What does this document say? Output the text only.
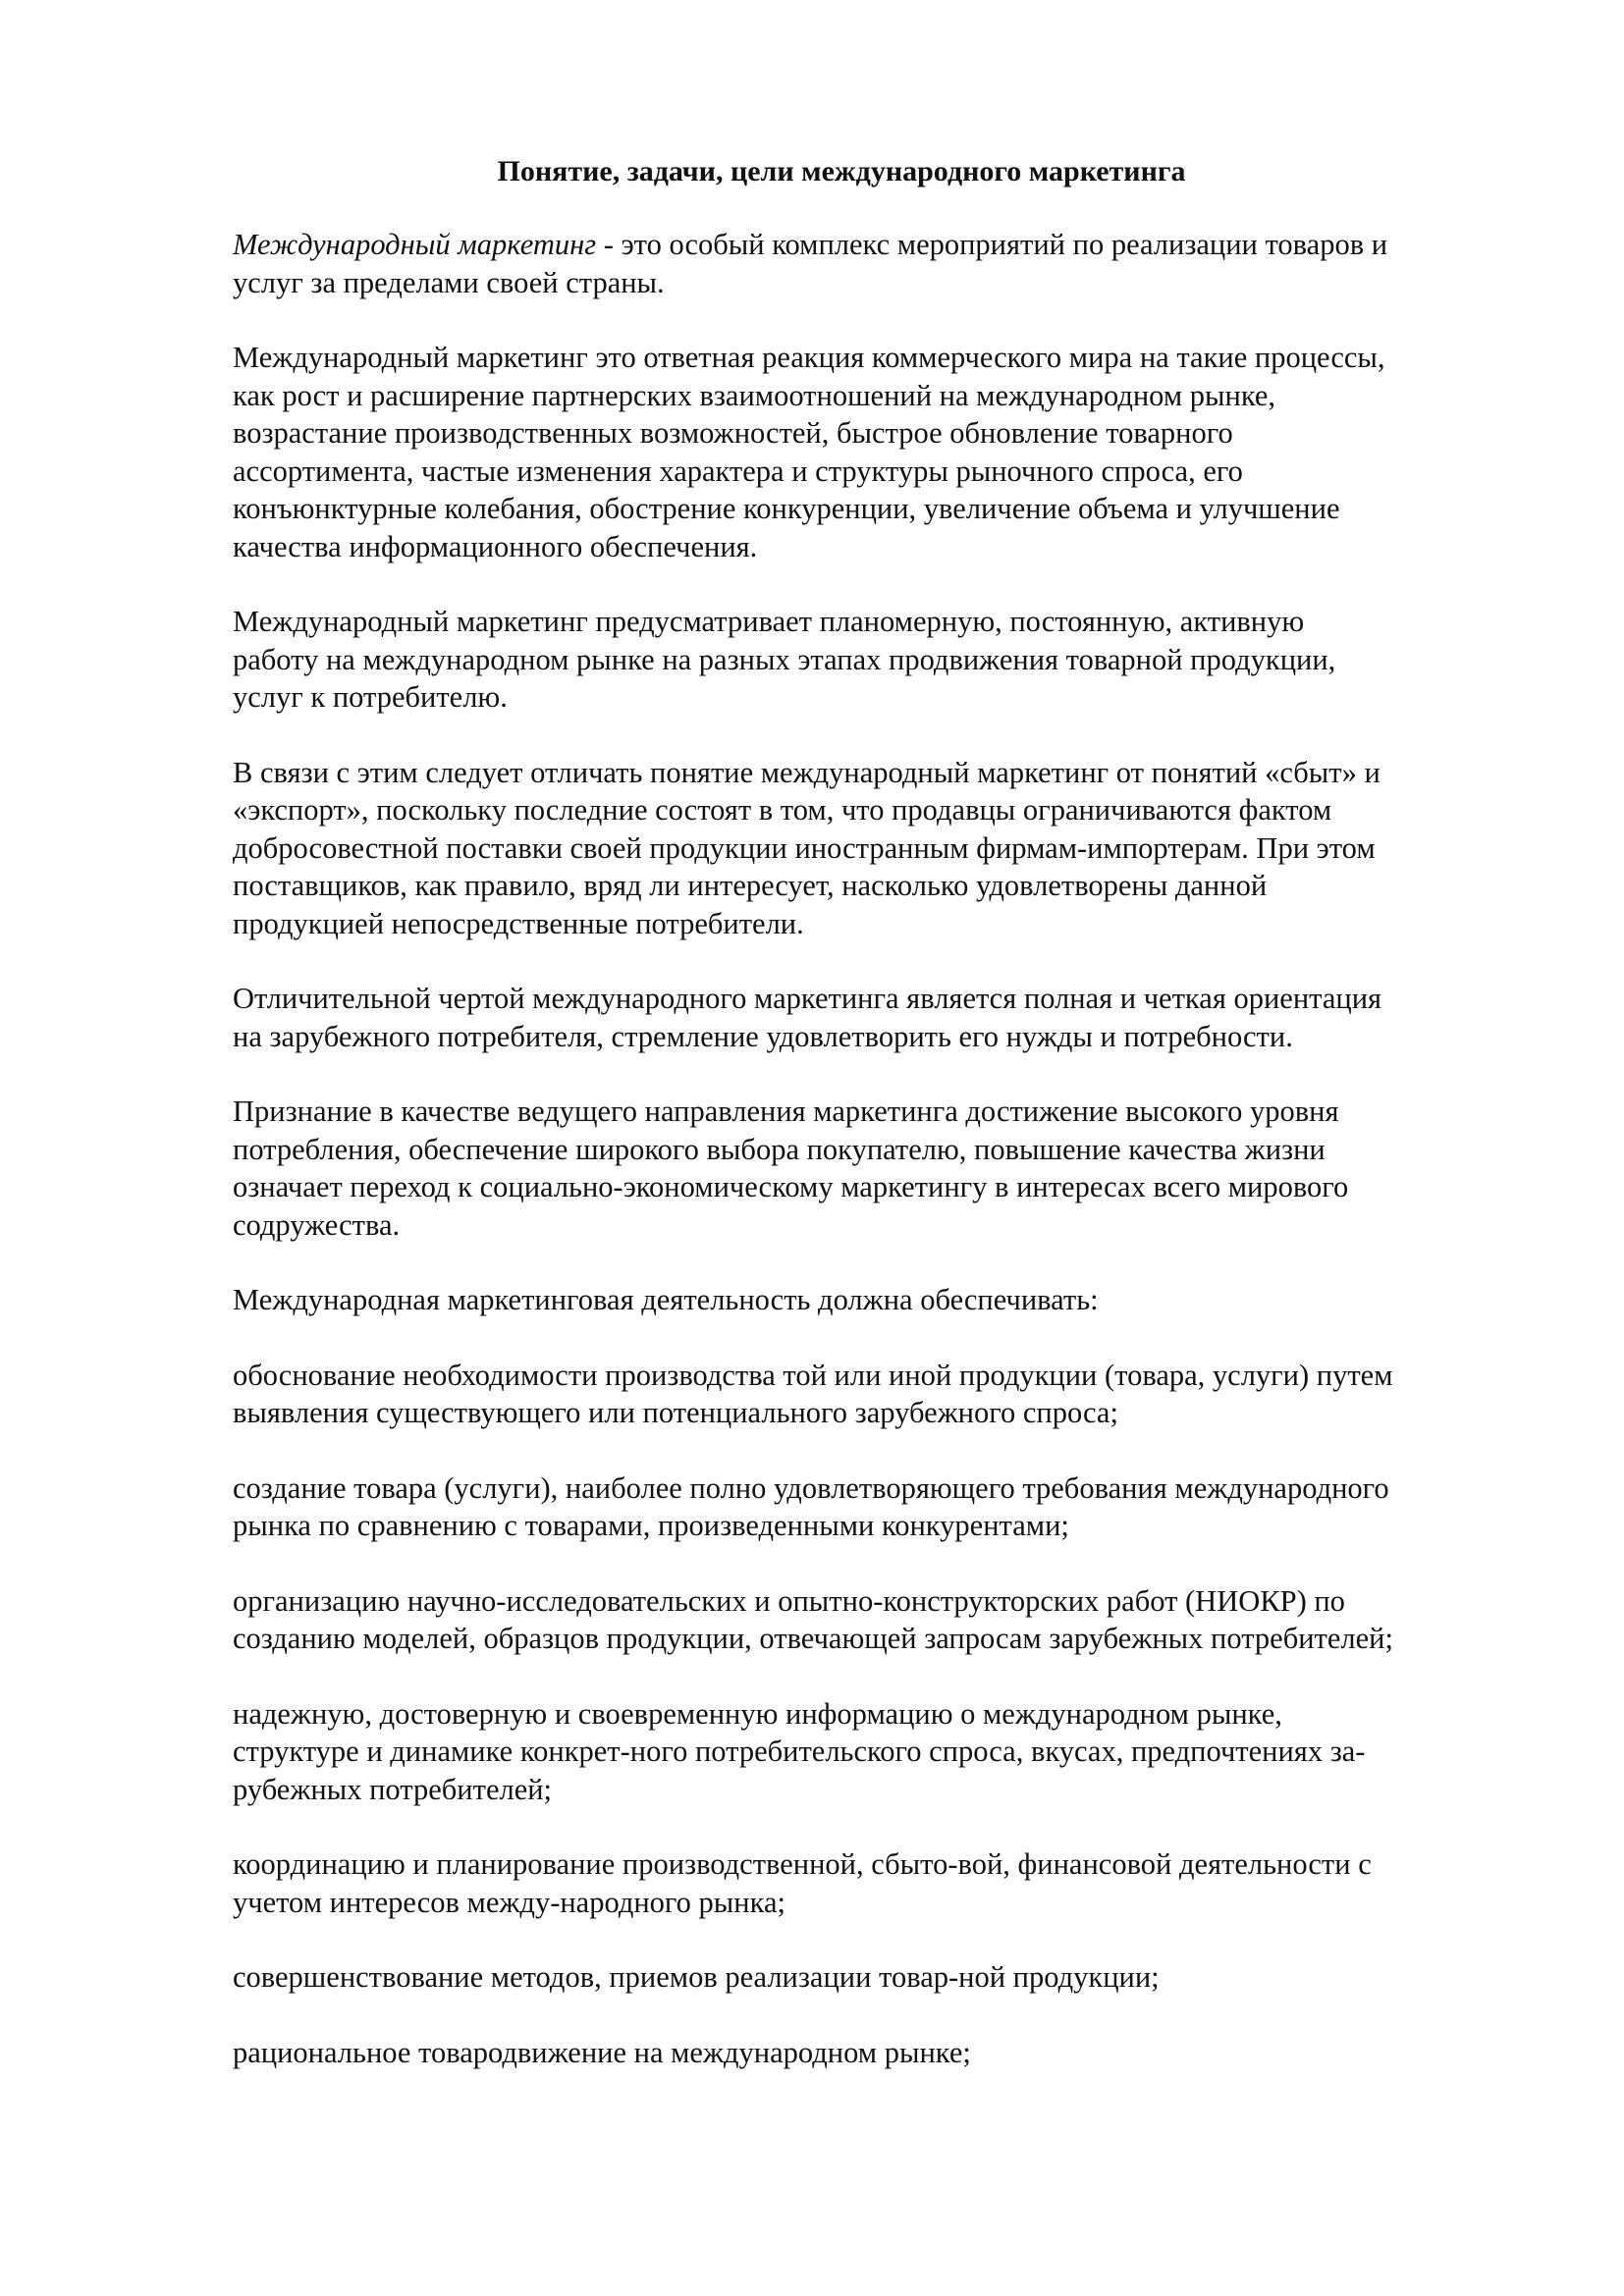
Понятие, задачи, цели международного маркетинга

Международный маркетинг - это особый комплекс мероприятий по реализации товаров и
услуг за пределами своей страны.

Международный маркетинг это ответная реакция коммерческого мира на такие процессы,
как рост и расширение партнерских взаимоотношений на международном рынке,
возрастание производственных возможностей, быстрое обновление товарного
ассортимента, частые изменения характера и структуры рыночного спроса, его
конъюнктурные колебания, обострение конкуренции, увеличение объема и улучшение
качества информационного обеспечения.

Международный маркетинг предусматривает планомерную, постоянную, активную
работу на международном рынке на разных этапах продвижения товарной продукции,
услуг к потребителю.

В связи с этим следует отличать понятие международный маркетинг от понятий «сбыт» и
«экспорт», поскольку последние состоят в том, что продавцы ограничиваются фактом
добросовестной поставки своей продукции иностранным фирмам-импортерам. При этом
поставщиков, как правило, вряд ли интересует, насколько удовлетворены данной
продукцией непосредственные потребители.

Отличительной чертой международного маркетинга является полная и четкая ориентация
на зарубежного потребителя, стремление удовлетворить его нужды и потребности.

Признание в качестве ведущего направления маркетинга достижение высокого уровня
потребления, обеспечение широкого выбора покупателю, повышение качества жизни
означает переход к социально-экономическому маркетингу в интересах всего мирового
содружества.

Международная маркетинговая деятельность должна обеспечивать:

обоснование необходимости производства той или иной продукции (товара, услуги) путем
выявления существующего или потенциального зарубежного спроса;

создание товара (услуги), наиболее полно удовлетворяющего требования международного
рынка по сравнению с товарами, произведенными конкурентами;

организацию научно-исследовательских и опытно-конструкторских работ (НИОКР) по
созданию моделей, образцов продукции, отвечающей запросам зарубежных потребителей;

надежную, достоверную и своевременную информацию о международном рынке,
структуре и динамике конкрет-ного потребительского спроса, вкусах, предпочтениях за-
рубежных потребителей;

координацию и планирование производственной, сбыто-вой, финансовой деятельности с
учетом интересов между-народного рынка;

совершенствование методов, приемов реализации товар-ной продукции;

рациональное товародвижение на международном рынке;
